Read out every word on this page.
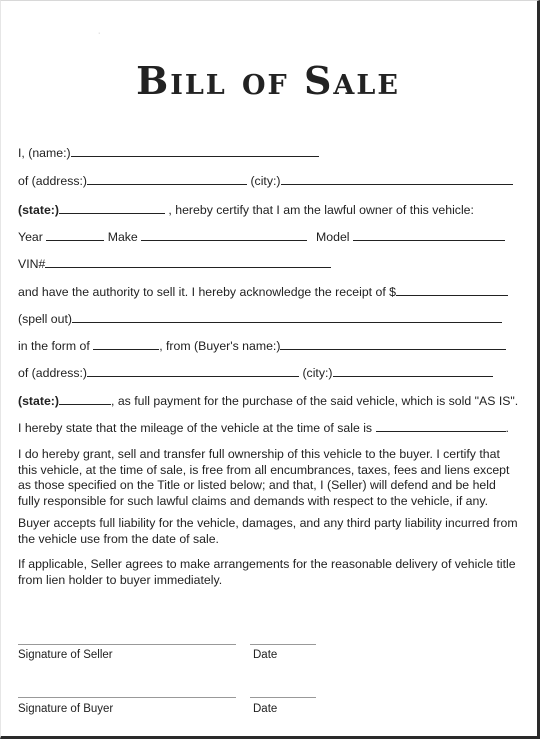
·
Bill of Sale
I, (name:)
of (address:)	(city:)
(state:)	, hereby certify that I am the lawful owner of this vehicle:
Year	Make	Model
VIN#
and have the authority to sell it. I hereby acknowledge the receipt of $
(spell out)
in the form of	, from (Buyer's name:)
of (address:)	(city:)
(state:)	, as full payment for the purchase of the said vehicle, which is sold "AS IS".
I hereby state that the mileage of the vehicle at the time of sale is	.
I do hereby grant, sell and transfer full ownership of this vehicle to the buyer. I certify that this vehicle, at the time of sale, is free from all encumbrances, taxes, fees and liens except as those specified on the Title or listed below; and that, I (Seller) will defend and be held fully responsible for such lawful claims and demands with respect to the vehicle, if any.
Buyer accepts full liability for the vehicle, damages, and any third party liability incurred from the vehicle use from the date of sale.
If applicable, Seller agrees to make arrangements for the reasonable delivery of vehicle title from lien holder to buyer immediately.
Signature of Seller	Date
Signature of Buyer	Date
